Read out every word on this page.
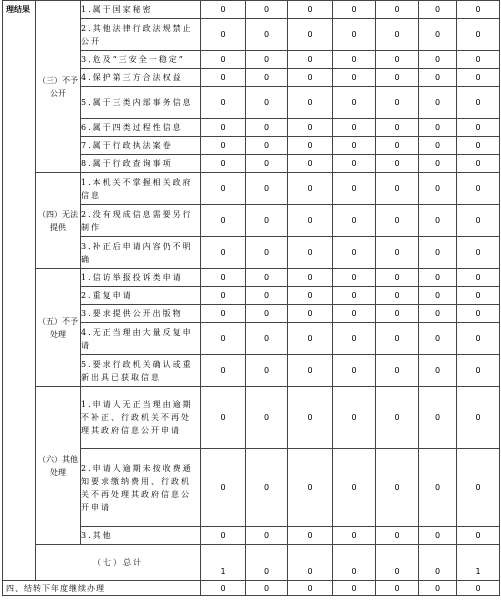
理结果	（三）不予公开	1.属于国家秘密	0	0	0	0	0	0	0
		2.其他法律行政法规禁止公开	0	0	0	0	0	0	0
		3.危及“三安全一稳定”	0	0	0	0	0	0	0
		4.保护第三方合法权益	0	0	0	0	0	0	0
		5.属于三类内部事务信息	0	0	0	0	0	0	0
		6.属于四类过程性信息	0	0	0	0	0	0	0
		7.属于行政执法案卷	0	0	0	0	0	0	0
		8.属于行政查询事项	0	0	0	0	0	0	0
	（四）无法提供	1.本机关不掌握相关政府信息	0	0	0	0	0	0	0
		2.没有现成信息需要另行制作	0	0	0	0	0	0	0
		3.补正后申请内容仍不明确	0	0	0	0	0	0	0
	（五）不予处理	1.信访举报投诉类申请	0	0	0	0	0	0	0
		2.重复申请	0	0	0	0	0	0	0
		3.要求提供公开出版物	0	0	0	0	0	0	0
		4.无正当理由大量反复申请	0	0	0	0	0	0	0
		5.要求行政机关确认或重新出具已获取信息	0	0	0	0	0	0	0
	（六）其他处理	1.申请人无正当理由逾期不补正、行政机关不再处理其政府信息公开申请	0	0	0	0	0	0	0
		2.申请人逾期未按收费通知要求缴纳费用、行政机关不再处理其政府信息公开申请	0	0	0	0	0	0	0
		3.其他	0	0	0	0	0	0	0
	（七）总计		1	0	0	0	0	0	1
四、结转下年度继续办理			0	0	0	0	0	0	0
